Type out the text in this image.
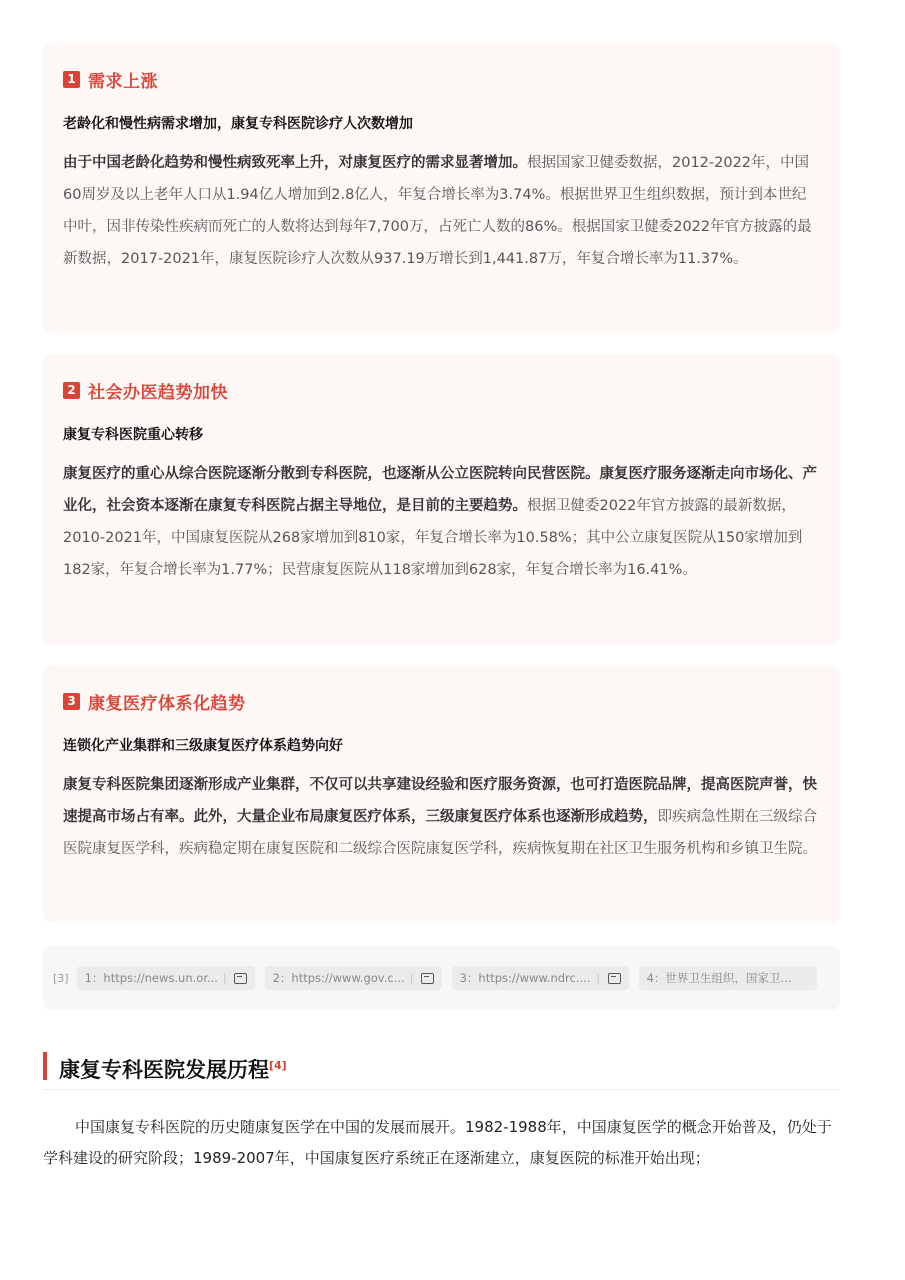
1 需求上涨
老龄化和慢性病需求增加，康复专科医院诊疗人次数增加
由于中国老龄化趋势和慢性病致死率上升，对康复医疗的需求显著增加。根据国家卫健委数据，2012-2022年，中国60周岁及以上老年人口从1.94亿人增加到2.8亿人，年复合增长率为3.74%。根据世界卫生组织数据，预计到本世纪中叶，因非传染性疾病而死亡的人数将达到每年7,700万，占死亡人数的86%。根据国家卫健委2022年官方披露的最新数据，2017-2021年，康复医院诊疗人次数从937.19万增长到1,441.87万，年复合增长率为11.37%。
2 社会办医趋势加快
康复专科医院重心转移
康复医疗的重心从综合医院逐渐分散到专科医院，也逐渐从公立医院转向民营医院。康复医疗服务逐渐走向市场化、产业化，社会资本逐渐在康复专科医院占据主导地位，是目前的主要趋势。根据卫健委2022年官方披露的最新数据，2010-2021年，中国康复医院从268家增加到810家，年复合增长率为10.58%；其中公立康复医院从150家增加到182家，年复合增长率为1.77%；民营康复医院从118家增加到628家，年复合增长率为16.41%。
3 康复医疗体系化趋势
连锁化产业集群和三级康复医疗体系趋势向好
康复专科医院集团逐渐形成产业集群，不仅可以共享建设经验和医疗服务资源，也可打造医院品牌，提高医院声誉，快速提高市场占有率。此外，大量企业布局康复医疗体系，三级康复医疗体系也逐渐形成趋势，即疾病急性期在三级综合医院康复医学科，疾病稳定期在康复医院和二级综合医院康复医学科，疾病恢复期在社区卫生服务机构和乡镇卫生院。
[3] 1：https://news.un.or... |	2：https://www.gov.c... |	3：https://www.ndrc.... |	4：世界卫生组织，国家卫...
康复专科医院发展历程[4]
中国康复专科医院的历史随康复医学在中国的发展而展开。1982-1988年，中国康复医学的概念开始普及，仍处于学科建设的研究阶段；1989-2007年，中国康复医疗系统正在逐渐建立，康复医院的标准开始出现；
